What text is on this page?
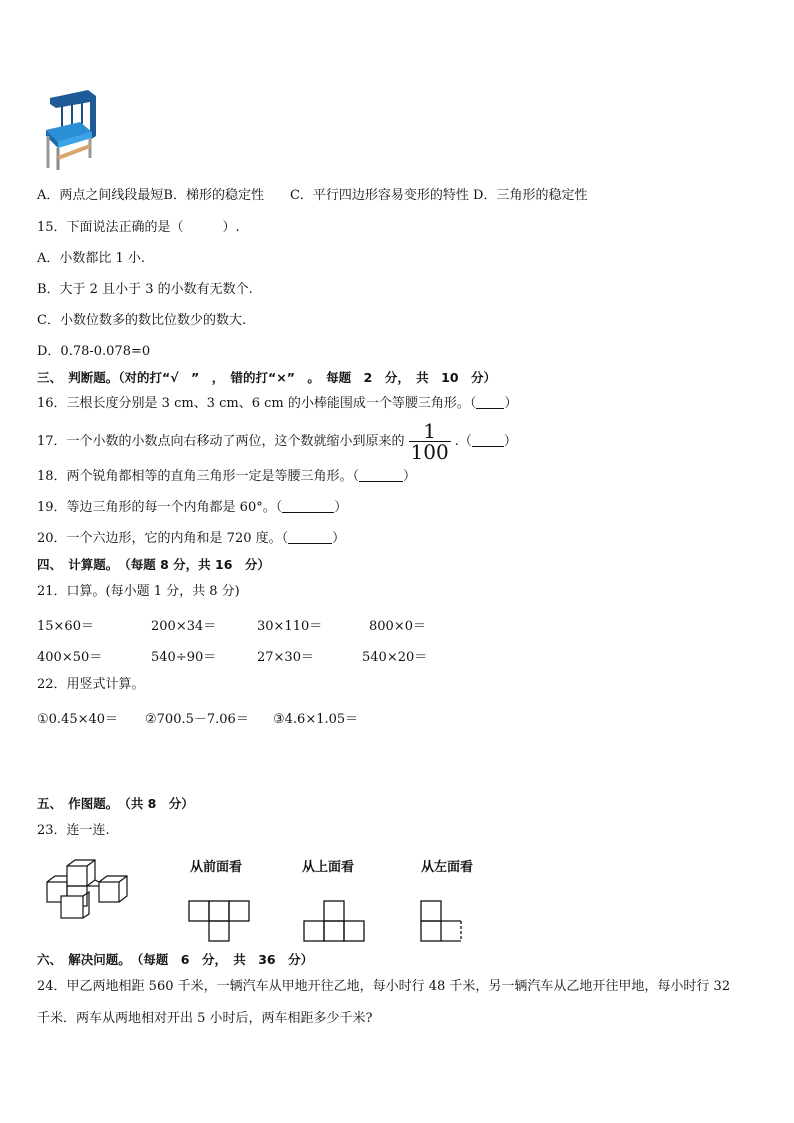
A．两点之间线段最短B．梯形的稳定性　　C．平行四边形容易变形的特性 D．三角形的稳定性
15．下面说法正确的是（　　　）.
A．小数都比 1 小.
B．大于 2 且小于 3 的小数有无数个.
C．小数位数多的数比位数少的数大.
D．0.78-0.078=0
三、　判断题。（对的打“√　”　，　错的打“×”　。　每题　2　分，　共　10　分）
16．三根长度分别是 3 cm、3 cm、6 cm 的小棒能围成一个等腰三角形。（ ）
17．一个小数的小数点向右移动了两位，这个数就缩小到原来的 $\frac{1}{100}$ .（ ）
18．两个锐角都相等的直角三角形一定是等腰三角形。（	）
19．等边三角形的每一个内角都是 60°。（	）
20．一个六边形，它的内角和是 720 度。（	）
四、　计算题。　（每题 8 分，共 16　分）
21．口算。(每小题 1 分，共 8 分)
15×60＝	200×34＝	30×110＝	800×0＝
400×50＝	540÷90＝	27×30＝	540×20＝
22．用竖式计算。
①0.45×40＝ ②700.5－7.06＝ ③4.6×1.05＝
五、　作图题。　（共 8　分）
23．连一连.
从前面看	从上面看	从左面看
六、　解决问题。　（每题　6　分，　共　36　分）
24．甲乙两地相距 560 千米，一辆汽车从甲地开往乙地，每小时行 48 千米，另一辆汽车从乙地开往甲地，每小时行 32
千米．两车从两地相对开出 5 小时后，两车相距多少千米?
